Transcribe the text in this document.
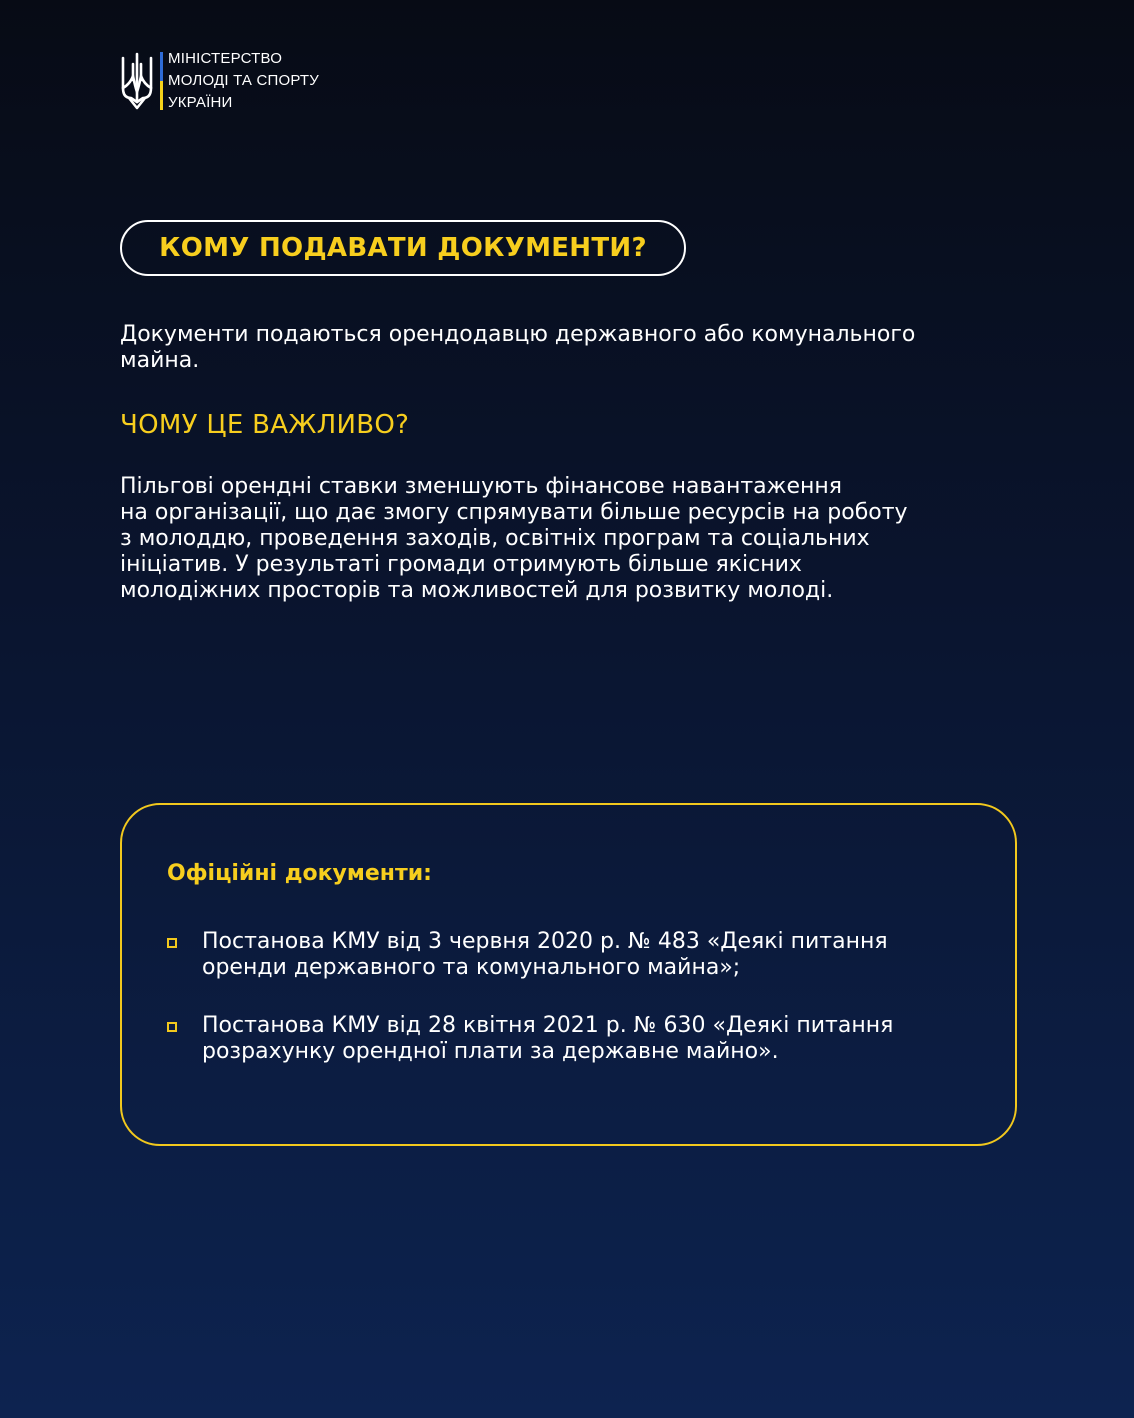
МІНІСТЕРСТВО
МОЛОДІ ТА СПОРТУ
УКРАЇНИ
КОМУ ПОДАВАТИ ДОКУМЕНТИ?

Документи подаються орендодавцю державного або комунального майна.

ЧОМУ ЦЕ ВАЖЛИВО?

Пільгові орендні ставки зменшують фінансове навантаження
на організації, що дає змогу спрямувати більше ресурсів на роботу
з молоддю, проведення заходів, освітніх програм та соціальних
ініціатив. У результаті громади отримують більше якісних
молодіжних просторів та можливостей для розвитку молоді.

Офіційні документи:
Постанова КМУ від 3 червня 2020 р. № 483 «Деякі питання
оренди державного та комунального майна»;
Постанова КМУ від 28 квітня 2021 р. № 630 «Деякі питання
розрахунку орендної плати за державне майно».
